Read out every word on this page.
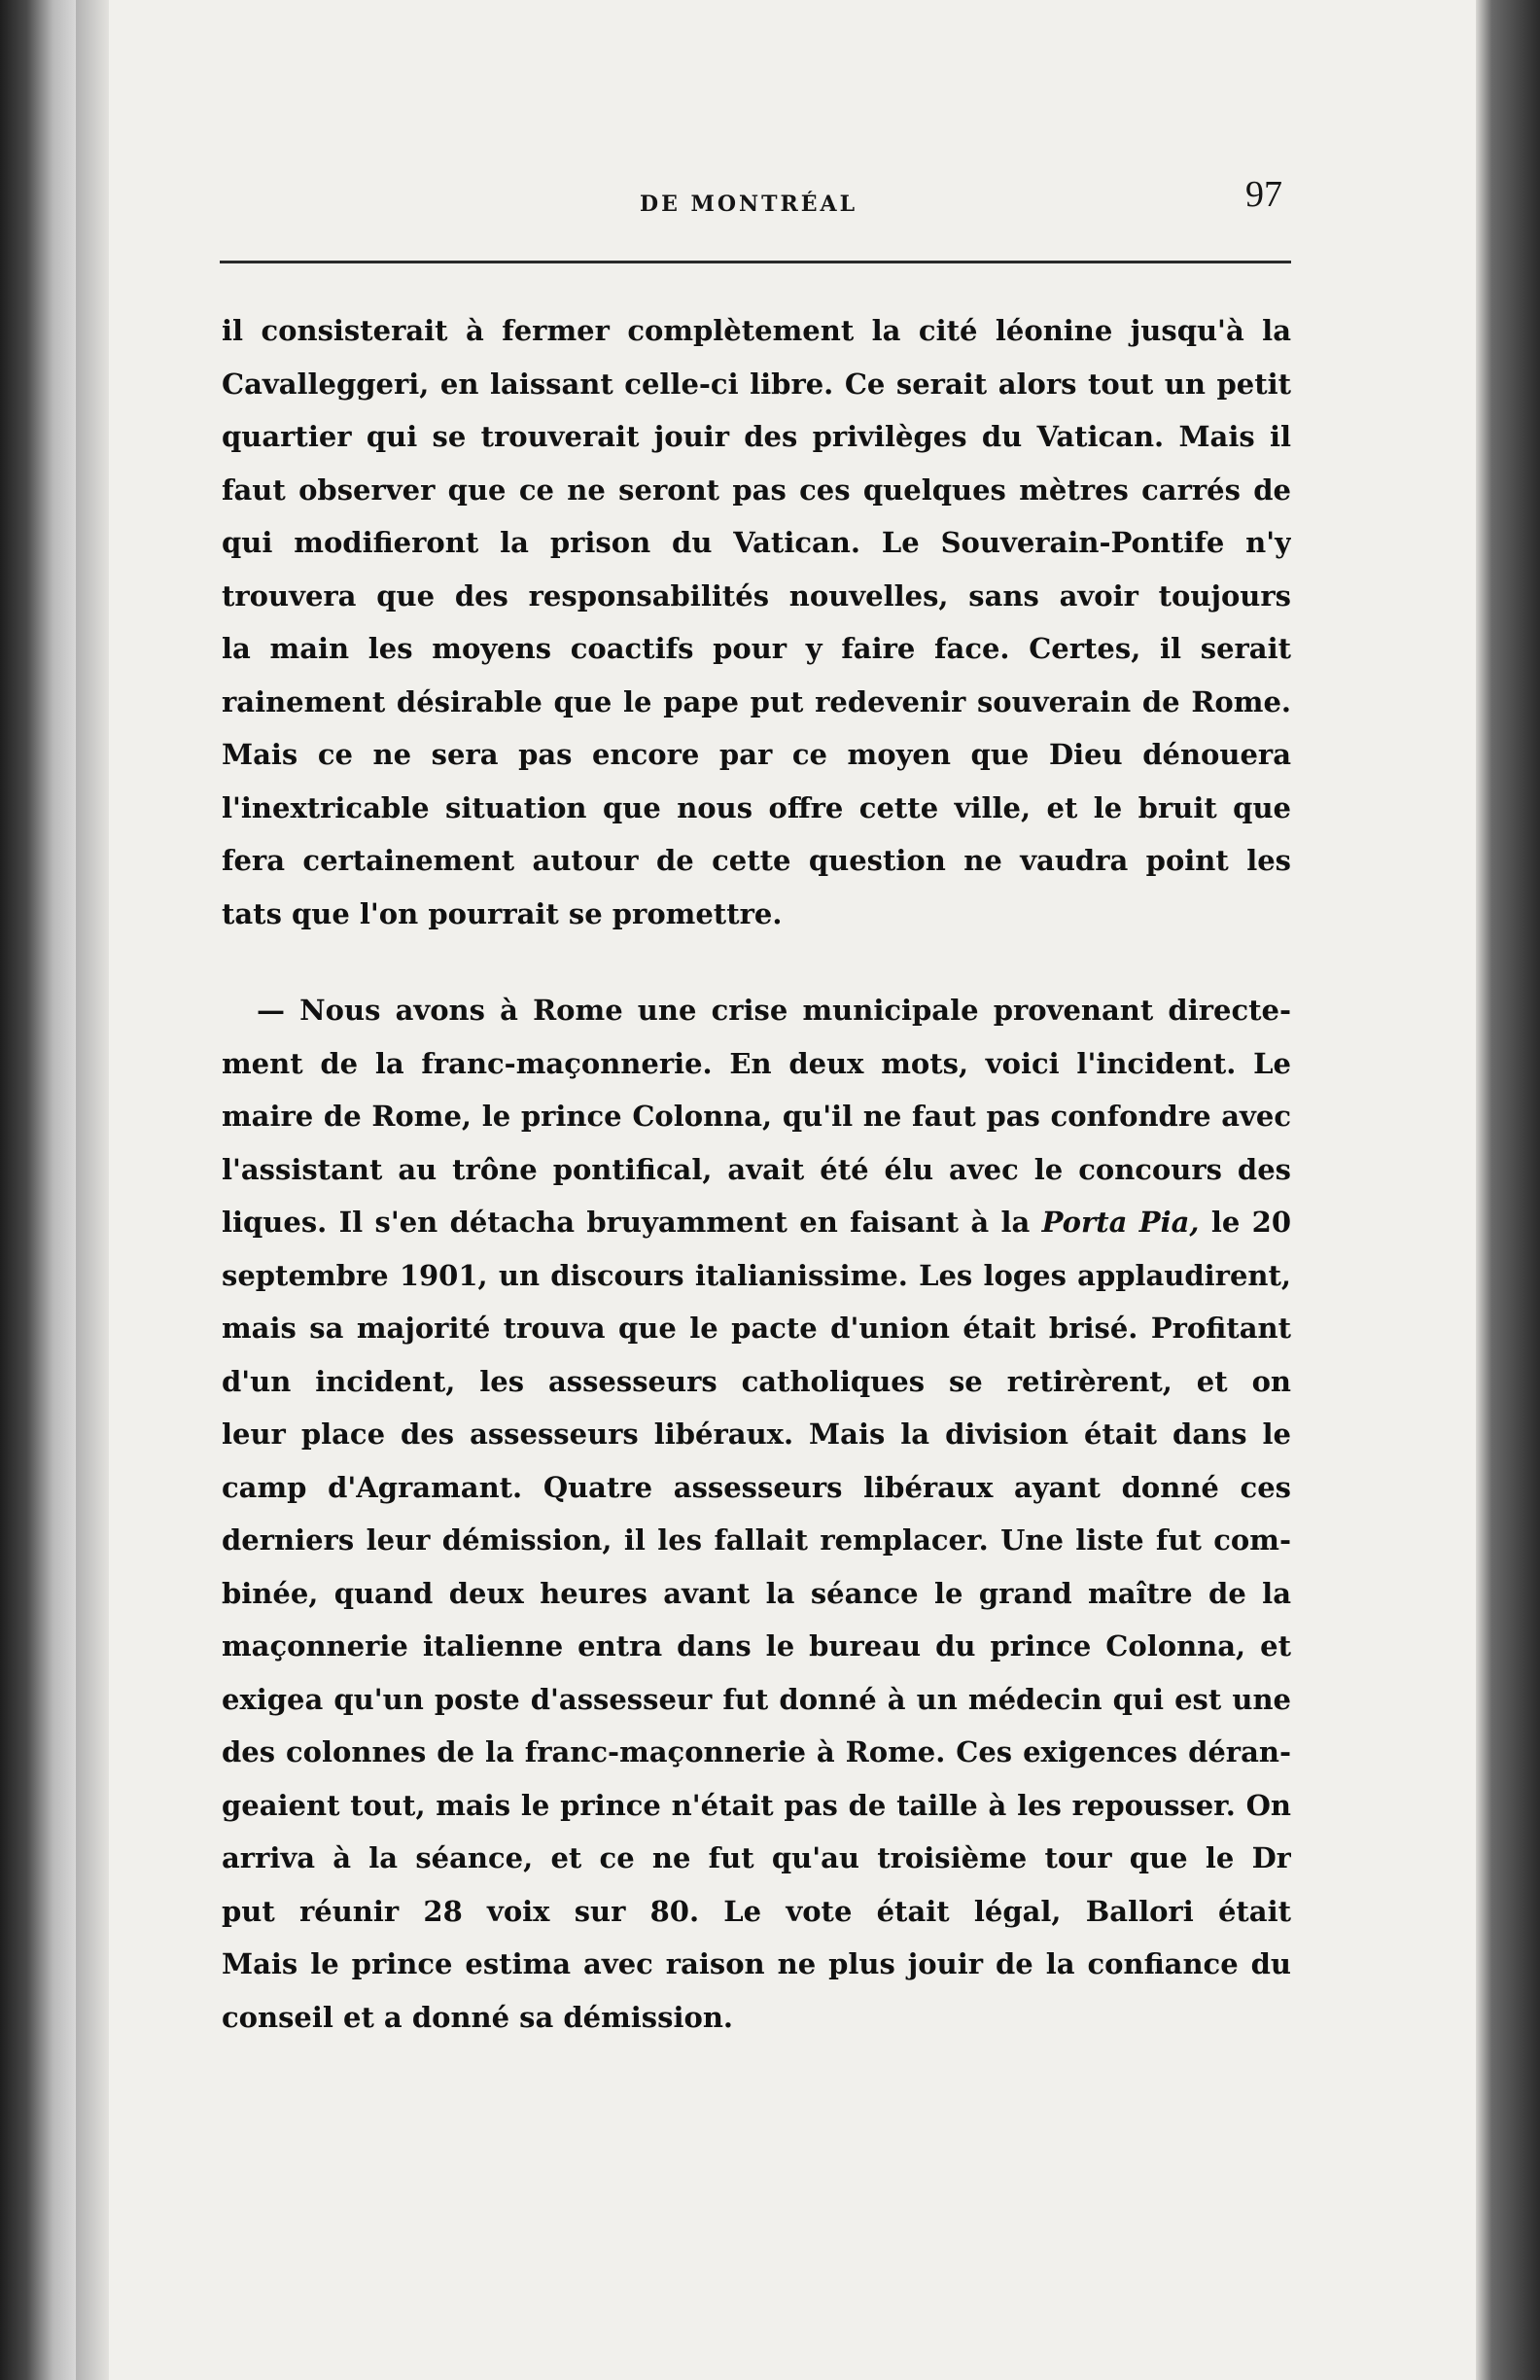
DE MONTRÉAL	97
il consisterait à fermer complètement la cité léonine jusqu'à la
Cavalleggeri, en laissant celle-ci libre. Ce serait alors tout un petit
quartier qui se trouverait jouir des privilèges du Vatican. Mais il
faut observer que ce ne seront pas ces quelques mètres carrés de
qui modifieront la prison du Vatican. Le Souverain-Pontife n'y
trouvera que des responsabilités nouvelles, sans avoir toujours
la main les moyens coactifs pour y faire face. Certes, il serait
rainement désirable que le pape put redevenir souverain de Rome.
Mais ce ne sera pas encore par ce moyen que Dieu dénouera
l'inextricable situation que nous offre cette ville, et le bruit que
fera certainement autour de cette question ne vaudra point les
tats que l'on pourrait se promettre.
— Nous avons à Rome une crise municipale provenant directe-
ment de la franc-maçonnerie. En deux mots, voici l'incident. Le
maire de Rome, le prince Colonna, qu'il ne faut pas confondre avec
l'assistant au trône pontifical, avait été élu avec le concours des
liques. Il s'en détacha bruyamment en faisant à la Porta Pia, le 20
septembre 1901, un discours italianissime. Les loges applaudirent,
mais sa majorité trouva que le pacte d'union était brisé. Profitant
d'un incident, les assesseurs catholiques se retirèrent, et on
leur place des assesseurs libéraux. Mais la division était dans le
camp d'Agramant. Quatre assesseurs libéraux ayant donné ces
derniers leur démission, il les fallait remplacer. Une liste fut com-
binée, quand deux heures avant la séance le grand maître de la
maçonnerie italienne entra dans le bureau du prince Colonna, et
exigea qu'un poste d'assesseur fut donné à un médecin qui est une
des colonnes de la franc-maçonnerie à Rome. Ces exigences déran-
geaient tout, mais le prince n'était pas de taille à les repousser. On
arriva à la séance, et ce ne fut qu'au troisième tour que le Dr
put réunir 28 voix sur 80. Le vote était légal, Ballori était
Mais le prince estima avec raison ne plus jouir de la confiance du
conseil et a donné sa démission.
